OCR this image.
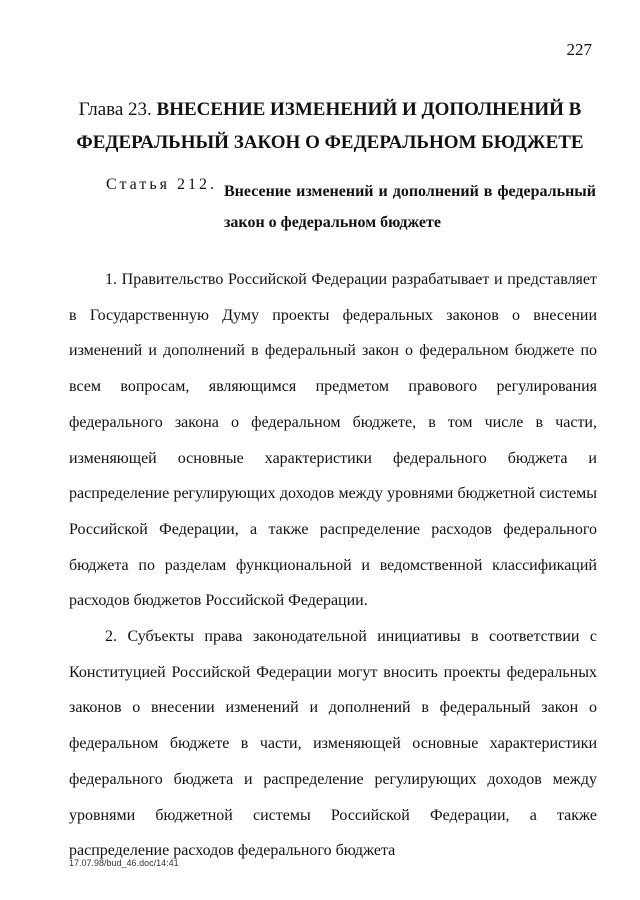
227
Глава 23. ВНЕСЕНИЕ ИЗМЕНЕНИЙ И ДОПОЛНЕНИЙ В ФЕДЕРАЛЬНЫЙ ЗАКОН О ФЕДЕРАЛЬНОМ БЮДЖЕТЕ
Статья 212. Внесение изменений и дополнений в федеральный закон о федеральном бюджете

1. Правительство Российской Федерации разрабатывает и представляет в Государственную Думу проекты федеральных законов о внесении изменений и дополнений в федеральный закон о федеральном бюджете по всем вопросам, являющимся предметом правового регулирования федерального закона о федеральном бюджете, в том числе в части, изменяющей основные характеристики федерального бюджета и распределение регулирующих доходов между уровнями бюджетной системы Российской Федерации, а также распределение расходов федерального бюджета по разделам функциональной и ведомственной классификаций расходов бюджетов Российской Федерации.

2. Субъекты права законодательной инициативы в соответствии с Конституцией Российской Федерации могут вносить проекты федеральных законов о внесении изменений и дополнений в федеральный закон о федеральном бюджете в части, изменяющей основные характеристики федерального бюджета и распределение регулирующих доходов между уровнями бюджетной системы Российской Федерации, а также распределение расходов федерального бюджета

17.07.98/bud_46.doc/14:41
